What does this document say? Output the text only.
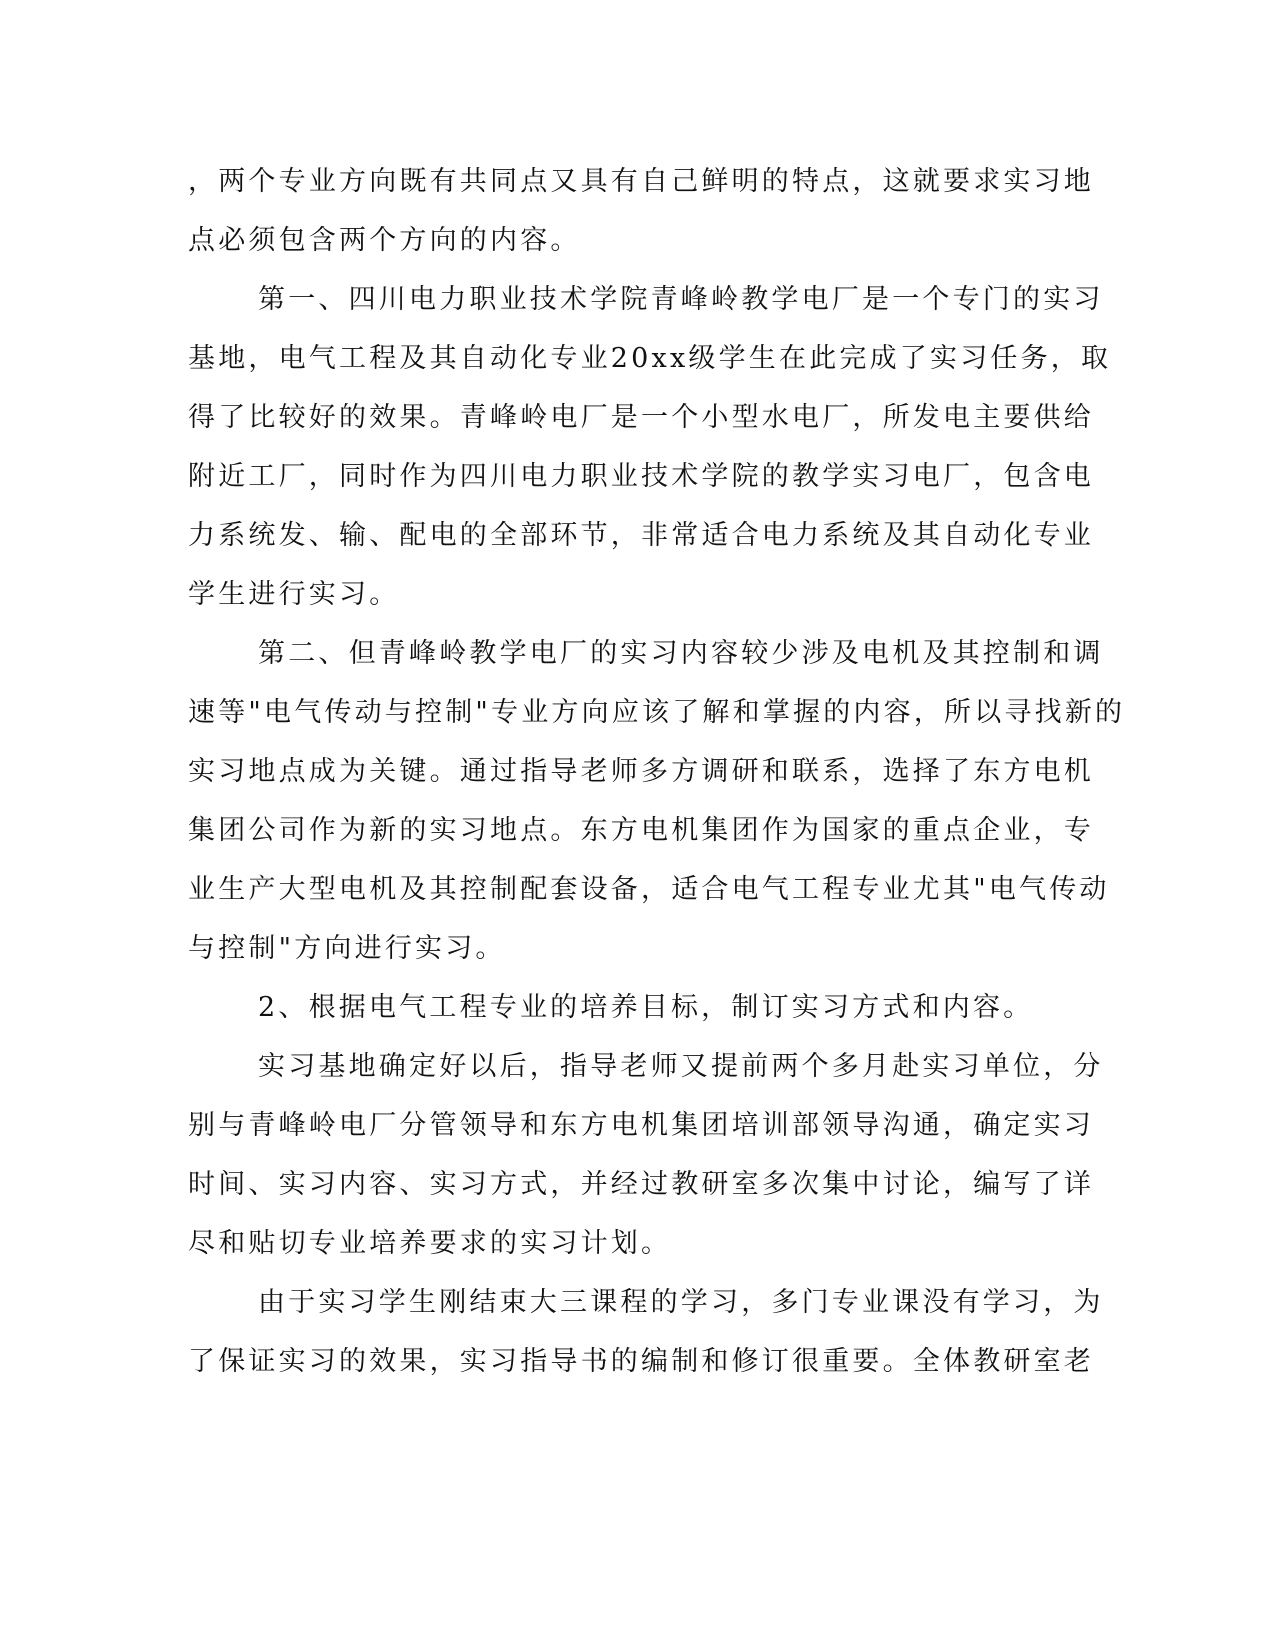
，两个专业方向既有共同点又具有自己鲜明的特点，这就要求实习地
点必须包含两个方向的内容。
第一、四川电力职业技术学院青峰岭教学电厂是一个专门的实习
基地，电气工程及其自动化专业20xx级学生在此完成了实习任务，取
得了比较好的效果。青峰岭电厂是一个小型水电厂，所发电主要供给
附近工厂，同时作为四川电力职业技术学院的教学实习电厂，包含电
力系统发、输、配电的全部环节，非常适合电力系统及其自动化专业
学生进行实习。
第二、但青峰岭教学电厂的实习内容较少涉及电机及其控制和调
速等"电气传动与控制"专业方向应该了解和掌握的内容，所以寻找新的
实习地点成为关键。通过指导老师多方调研和联系，选择了东方电机
集团公司作为新的实习地点。东方电机集团作为国家的重点企业，专
业生产大型电机及其控制配套设备，适合电气工程专业尤其"电气传动
与控制"方向进行实习。
2、根据电气工程专业的培养目标，制订实习方式和内容。
实习基地确定好以后，指导老师又提前两个多月赴实习单位，分
别与青峰岭电厂分管领导和东方电机集团培训部领导沟通，确定实习
时间、实习内容、实习方式，并经过教研室多次集中讨论，编写了详
尽和贴切专业培养要求的实习计划。
由于实习学生刚结束大三课程的学习，多门专业课没有学习，为
了保证实习的效果，实习指导书的编制和修订很重要。全体教研室老
